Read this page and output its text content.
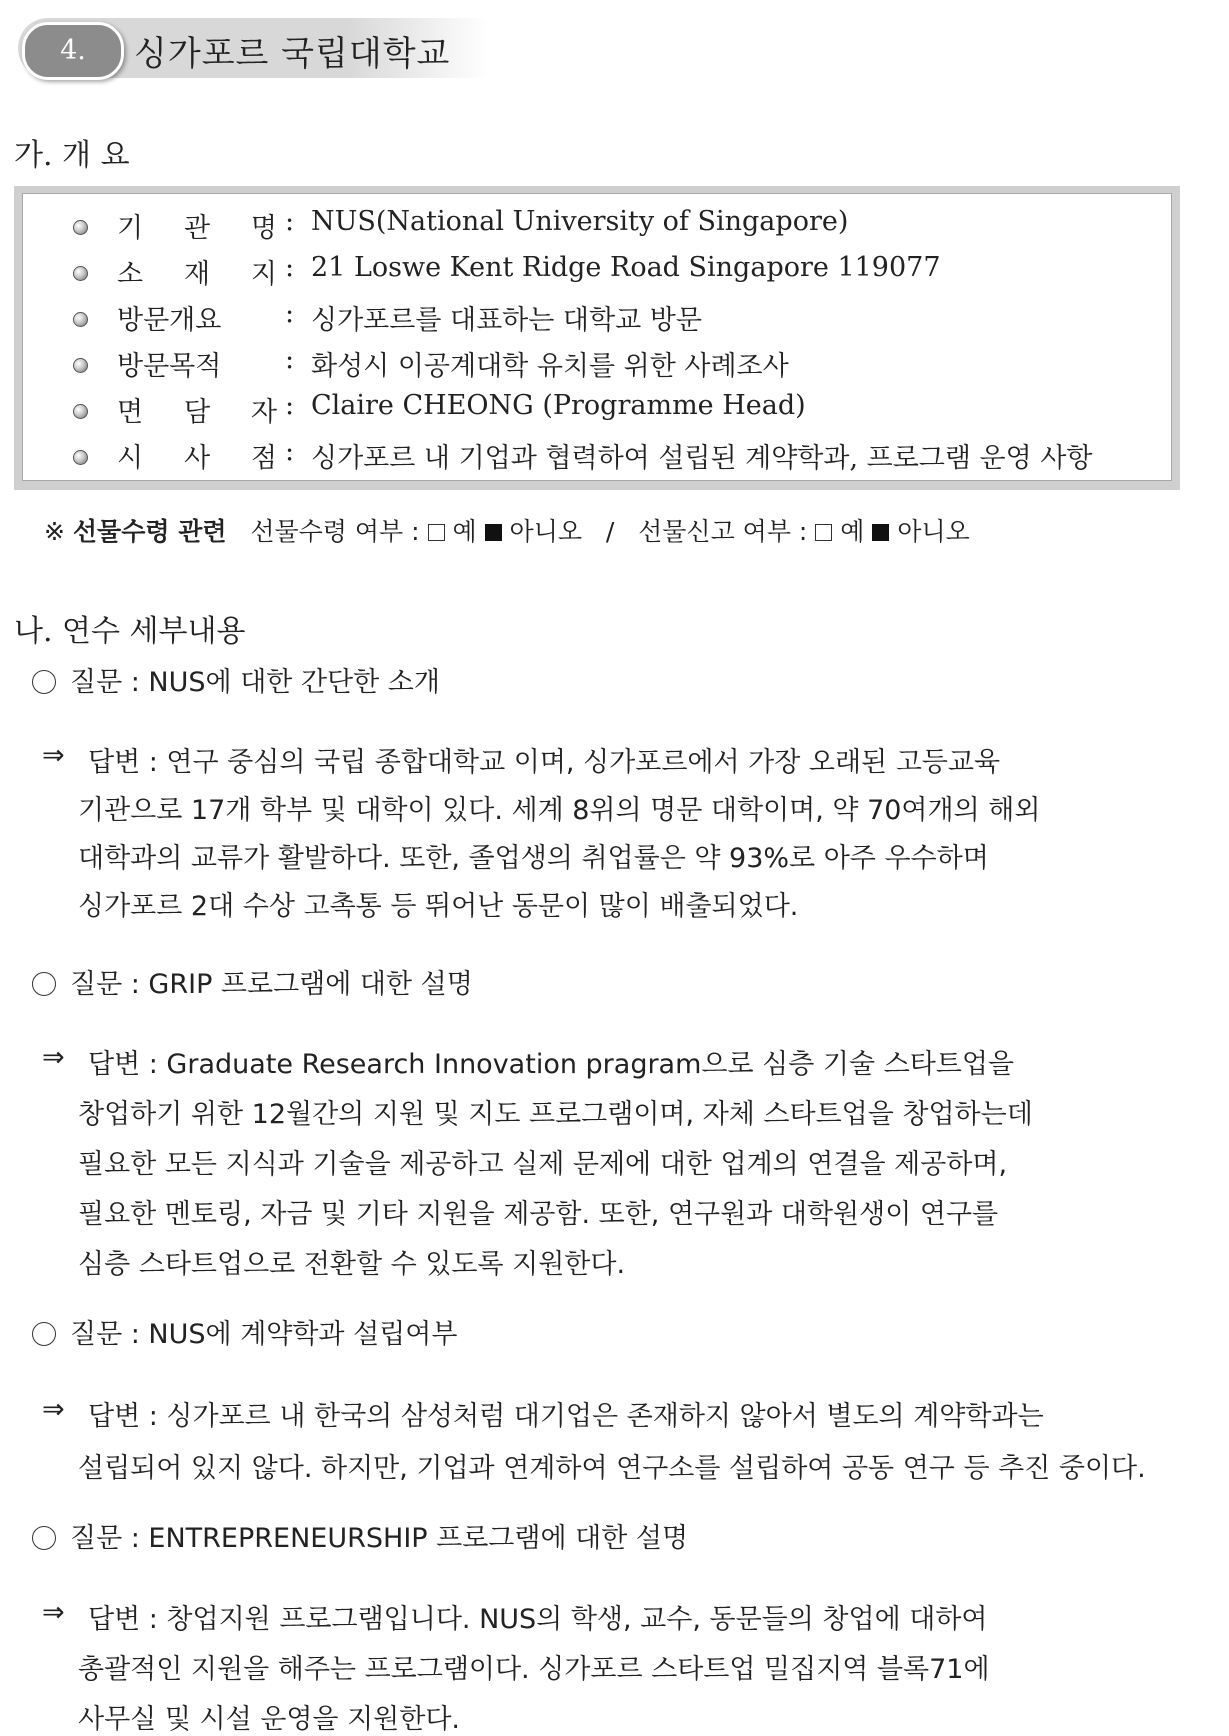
4.	싱가포르 국립대학교
가. 개 요
기 관 명 : NUS(National University of Singapore)
소 재 지 : 21 Loswe Kent Ridge Road Singapore 119077
방문개요 : 싱가포르를 대표하는 대학교 방문
방문목적 : 화성시 이공계대학 유치를 위한 사례조사
면 담 자 : Claire CHEONG (Programme Head)
시 사 점 : 싱가포르 내 기업과 협력하여 설립된 계약학과, 프로그램 운영 사항
※ 선물수령 관련 선물수령 여부 : 예 아니오 / 선물신고 여부 : 예 아니오
나. 연수 세부내용
질문 : NUS에 대한 간단한 소개
⇒ 답변 : 연구 중심의 국립 종합대학교 이며, 싱가포르에서 가장 오래된 고등교육
기관으로 17개 학부 및 대학이 있다. 세계 8위의 명문 대학이며, 약 70여개의 해외
대학과의 교류가 활발하다. 또한, 졸업생의 취업률은 약 93%로 아주 우수하며
싱가포르 2대 수상 고촉통 등 뛰어난 동문이 많이 배출되었다.
질문 : GRIP 프로그램에 대한 설명
⇒ 답변 : Graduate Research Innovation pragram으로 심층 기술 스타트업을
창업하기 위한 12월간의 지원 및 지도 프로그램이며, 자체 스타트업을 창업하는데
필요한 모든 지식과 기술을 제공하고 실제 문제에 대한 업계의 연결을 제공하며,
필요한 멘토링, 자금 및 기타 지원을 제공함. 또한, 연구원과 대학원생이 연구를
심층 스타트업으로 전환할 수 있도록 지원한다.
질문 : NUS에 계약학과 설립여부
⇒ 답변 : 싱가포르 내 한국의 삼성처럼 대기업은 존재하지 않아서 별도의 계약학과는
설립되어 있지 않다. 하지만, 기업과 연계하여 연구소를 설립하여 공동 연구 등 추진 중이다.
질문 : ENTREPRENEURSHIP 프로그램에 대한 설명
⇒ 답변 : 창업지원 프로그램입니다. NUS의 학생, 교수, 동문들의 창업에 대하여
총괄적인 지원을 해주는 프로그램이다. 싱가포르 스타트업 밀집지역 블록71에
사무실 및 시설 운영을 지원한다.
